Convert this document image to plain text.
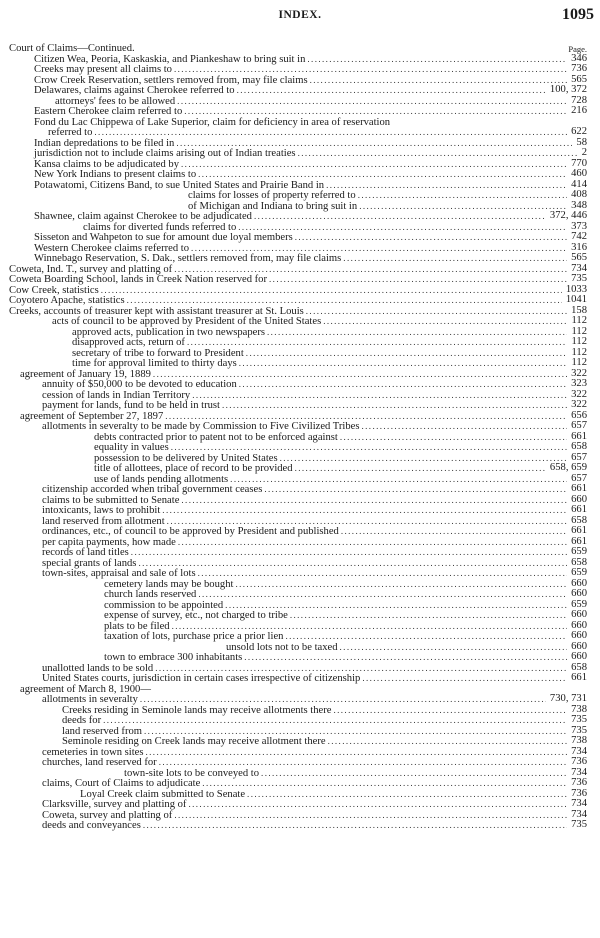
INDEX.	1095
Page.
Court of Claims—Continued.
Citizen Wea, Peoria, Kaskaskia, and Piankeshaw to bring suit in .....	346
Creeks may present all claims to .....	736
Crow Creek Reservation, settlers removed from, may file claims .....	565
Delawares, claims against Cherokee referred to .....	100, 372
attorneys' fees to be allowed .....	728
Eastern Cherokee claim referred to .....	216
Fond du Lac Chippewa of Lake Superior, claim for deficiency in area of reservation
referred to .....	622
Indian depredations to be filed in .....	58
jurisdiction not to include claims arising out of Indian treaties .....	2
Kansa claims to be adjudicated by .....	770
New York Indians to present claims to .....	460
Potawatomi, Citizens Band, to sue United States and Prairie Band in .....	414
claims for losses of property referred to .....	408
of Michigan and Indiana to bring suit in .....	348
Shawnee, claim against Cherokee to be adjudicated .....	372, 446
claims for diverted funds referred to .....	373
Sisseton and Wahpeton to sue for amount due loyal members .....	742
Western Cherokee claims referred to .....	316
Winnebago Reservation, S. Dak., settlers removed from, may file claims .....	565
Coweta, Ind. T., survey and platting of .....	734
Coweta Boarding School, lands in Creek Nation reserved for .....	735
Cow Creek, statistics .....	1033
Coyotero Apache, statistics .....	1041
Creeks, accounts of treasurer kept with assistant treasurer at St. Louis .....	158
acts of council to be approved by President of the United States .....	112
approved acts, publication in two newspapers .....	112
disapproved acts, return of .....	112
secretary of tribe to forward to President .....	112
time for approval limited to thirty days .....	112
agreement of January 19, 1889 .....	322
annuity of $50,000 to be devoted to education .....	323
cession of lands in Indian Territory .....	322
payment for lands, fund to be held in trust .....	322
agreement of September 27, 1897 .....	656
allotments in severalty to be made by Commission to Five Civilized Tribes .....	657
debts contracted prior to patent not to be enforced against .....	661
equality in values .....	658
possession to be delivered by United States .....	657
title of allottees, place of record to be provided .....	658, 659
use of lands pending allotments .....	657
citizenship accorded when tribal government ceases .....	661
claims to be submitted to Senate .....	660
intoxicants, laws to prohibit .....	661
land reserved from allotment .....	658
ordinances, etc., of council to be approved by President and published .....	661
per capita payments, how made .....	661
records of land titles .....	659
special grants of lands .....	658
town-sites, appraisal and sale of lots .....	659
cemetery lands may be bought .....	660
church lands reserved .....	660
commission to be appointed .....	659
expense of survey, etc., not charged to tribe .....	660
plats to be filed .....	660
taxation of lots, purchase price a prior lien .....	660
unsold lots not to be taxed .....	660
town to embrace 300 inhabitants .....	660
unallotted lands to be sold .....	658
United States courts, jurisdiction in certain cases irrespective of citizenship .....	661
agreement of March 8, 1900—
allotments in severalty .....	730, 731
Creeks residing in Seminole lands may receive allotments there .....	738
deeds for .....	735
land reserved from .....	735
Seminole residing on Creek lands may receive allotment there .....	738
cemeteries in town sites .....	734
churches, land reserved for .....	736
town-site lots to be conveyed to .....	734
claims, Court of Claims to adjudicate .....	736
Loyal Creek claim submitted to Senate .....	736
Clarksville, survey and platting of .....	734
Coweta, survey and platting of .....	734
deeds and conveyances .....	735
